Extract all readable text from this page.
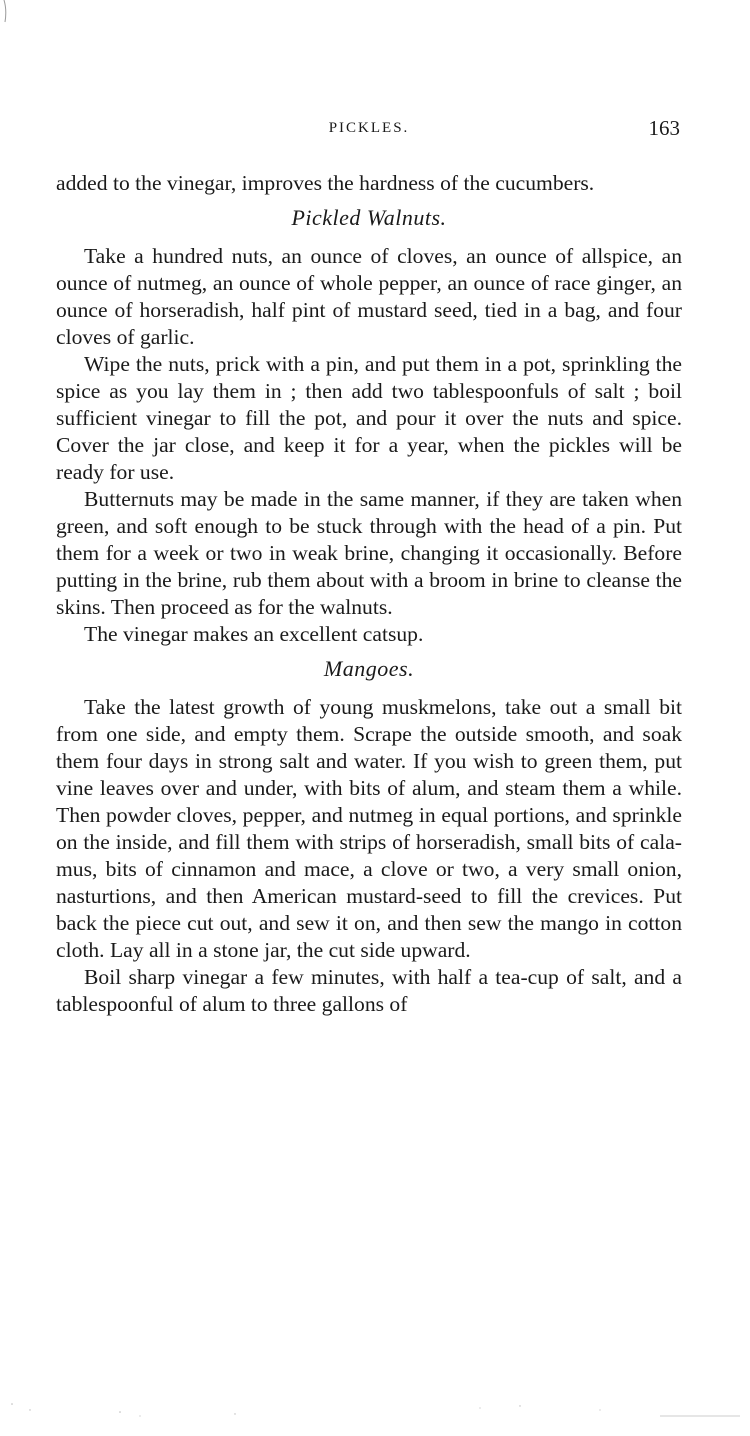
PICKLES.	163

added to the vinegar, improves the hardness of the cucumbers.

Pickled Walnuts.

Take a hundred nuts, an ounce of cloves, an ounce of allspice, an ounce of nutmeg, an ounce of whole pepper, an ounce of race ginger, an ounce of horseradish, half pint of mustard seed, tied in a bag, and four cloves of garlic.

Wipe the nuts, prick with a pin, and put them in a pot, sprinkling the spice as you lay them in ; then add two tablespoonfuls of salt ; boil sufficient vinegar to fill the pot, and pour it over the nuts and spice. Cover the jar close, and keep it for a year, when the pickles will be ready for use.

Butternuts may be made in the same manner, if they are taken when green, and soft enough to be stuck through with the head of a pin. Put them for a week or two in weak brine, changing it occasionally. Before putting in the brine, rub them about with a broom in brine to cleanse the skins. Then proceed as for the walnuts.

The vinegar makes an excellent catsup.

Mangoes.

Take the latest growth of young muskmelons, take out a small bit from one side, and empty them. Scrape the outside smooth, and soak them four days in strong salt and water. If you wish to green them, put vine leaves over and under, with bits of alum, and steam them a while. Then powder cloves, pepper, and nutmeg in equal portions, and sprinkle on the inside, and fill them with strips of horseradish, small bits of calamus, bits of cinnamon and mace, a clove or two, a very small onion, nasturtions, and then American mustard-seed to fill the crevices. Put back the piece cut out, and sew it on, and then sew the mango in cotton cloth. Lay all in a stone jar, the cut side upward.

Boil sharp vinegar a few minutes, with half a tea-cup of salt, and a tablespoonful of alum to three gallons of
